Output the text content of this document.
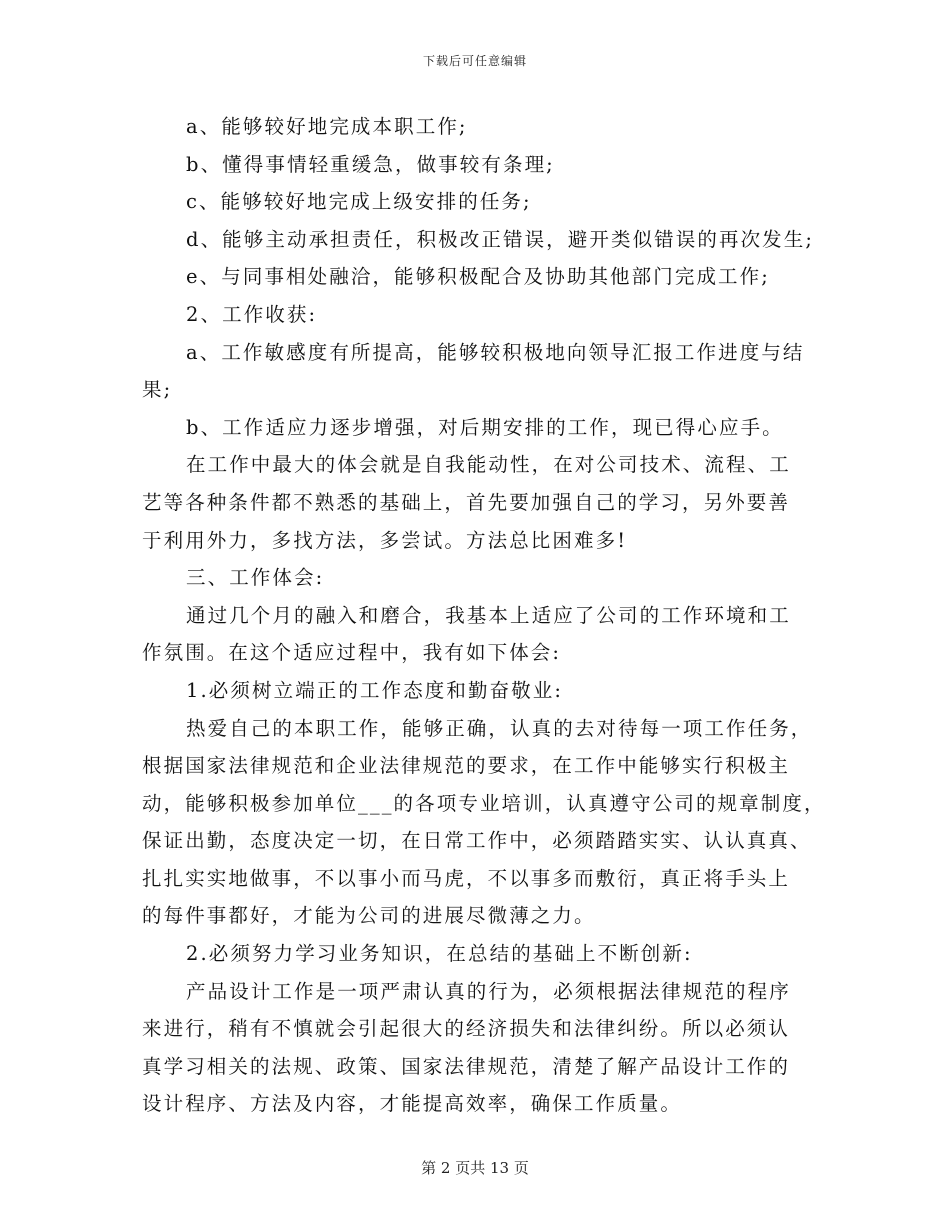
下载后可任意编辑
a、能够较好地完成本职工作;
b、懂得事情轻重缓急，做事较有条理;
c、能够较好地完成上级安排的任务;
d、能够主动承担责任，积极改正错误，避开类似错误的再次发生;
e、与同事相处融洽，能够积极配合及协助其他部门完成工作;
2、工作收获:
a、工作敏感度有所提高，能够较积极地向领导汇报工作进度与结
果;
b、工作适应力逐步增强，对后期安排的工作，现已得心应手。
在工作中最大的体会就是自我能动性，在对公司技术、流程、工
艺等各种条件都不熟悉的基础上，首先要加强自己的学习，另外要善
于利用外力，多找方法，多尝试。方法总比困难多!
三、工作体会:
通过几个月的融入和磨合，我基本上适应了公司的工作环境和工
作氛围。在这个适应过程中，我有如下体会:
1.必须树立端正的工作态度和勤奋敬业:
热爱自己的本职工作，能够正确，认真的去对待每一项工作任务，
根据国家法律规范和企业法律规范的要求，在工作中能够实行积极主
动，能够积极参加单位___的各项专业培训，认真遵守公司的规章制度，
保证出勤，态度决定一切，在日常工作中，必须踏踏实实、认认真真、
扎扎实实地做事，不以事小而马虎，不以事多而敷衍，真正将手头上
的每件事都好，才能为公司的进展尽微薄之力。
2.必须努力学习业务知识，在总结的基础上不断创新:
产品设计工作是一项严肃认真的行为，必须根据法律规范的程序
来进行，稍有不慎就会引起很大的经济损失和法律纠纷。所以必须认
真学习相关的法规、政策、国家法律规范，清楚了解产品设计工作的
设计程序、方法及内容，才能提高效率，确保工作质量。
第 2 页共 13 页
